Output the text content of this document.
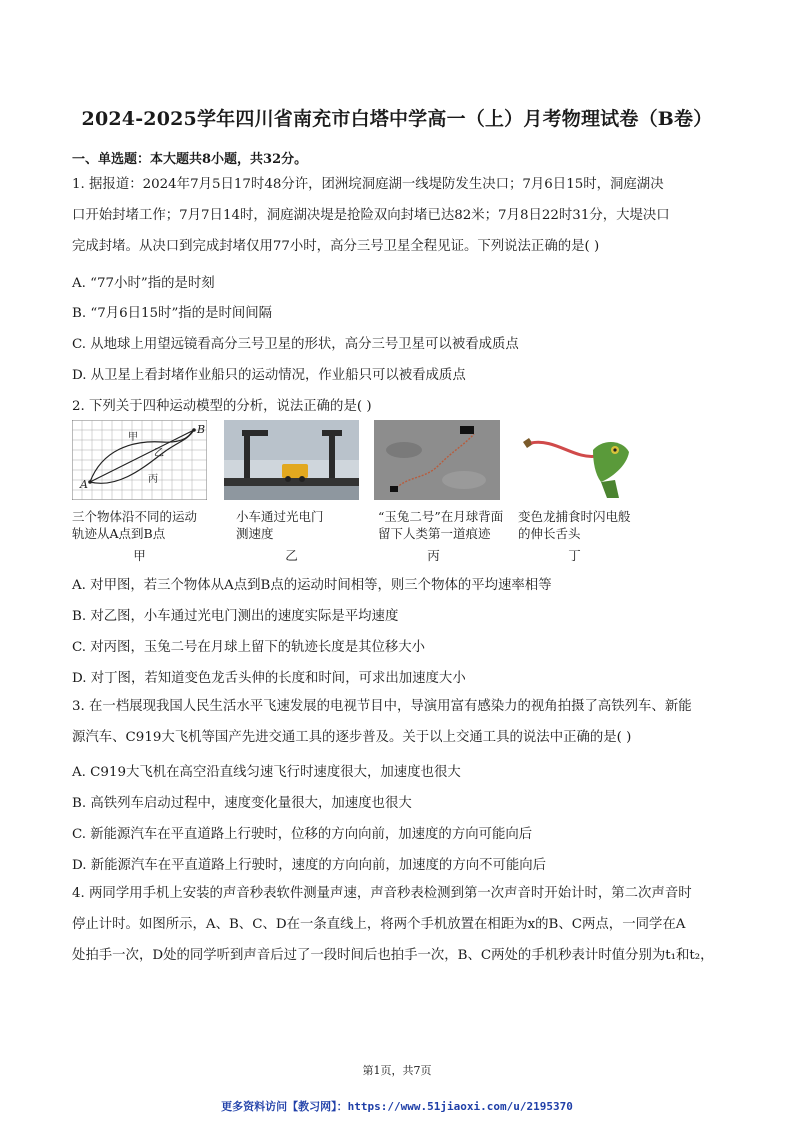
2024-2025学年四川省南充市白塔中学高一（上）月考物理试卷（B卷）
一、单选题：本大题共8小题，共32分。
1. 据报道：2024年7月5日17时48分许，团洲垸洞庭湖一线堤防发生决口；7月6日15时，洞庭湖决
口开始封堵工作；7月7日14时，洞庭湖决堤是抢险双向封堵已达82米；7月8日22时31分，大堤决口
完成封堵。从决口到完成封堵仅用77小时，高分三号卫星全程见证。下列说法正确的是( )
A. “77小时”指的是时刻
B. “7月6日15时”指的是时间间隔
C. 从地球上用望远镜看高分三号卫星的形状，高分三号卫星可以被看成质点
D. 从卫星上看封堵作业船只的运动情况，作业船只可以被看成质点
2. 下列关于四种运动模型的分析，说法正确的是( )
A
B
甲
乙
丙
三个物体沿不同的运动
轨迹从A点到B点
甲
小车通过光电门
测速度
乙
“玉兔二号”在月球背面
留下人类第一道痕迹
丙
变色龙捕食时闪电般
的伸长舌头
丁
A. 对甲图，若三个物体从A点到B点的运动时间相等，则三个物体的平均速率相等
B. 对乙图，小车通过光电门测出的速度实际是平均速度
C. 对丙图，玉兔二号在月球上留下的轨迹长度是其位移大小
D. 对丁图，若知道变色龙舌头伸的长度和时间，可求出加速度大小
3. 在一档展现我国人民生活水平飞速发展的电视节目中，导演用富有感染力的视角拍摄了高铁列车、新能
源汽车、C919大飞机等国产先进交通工具的逐步普及。关于以上交通工具的说法中正确的是( )
A. C919大飞机在高空沿直线匀速飞行时速度很大，加速度也很大
B. 高铁列车启动过程中，速度变化量很大，加速度也很大
C. 新能源汽车在平直道路上行驶时，位移的方向向前，加速度的方向可能向后
D. 新能源汽车在平直道路上行驶时，速度的方向向前，加速度的方向不可能向后
4. 两同学用手机上安装的声音秒表软件测量声速，声音秒表检测到第一次声音时开始计时，第二次声音时
停止计时。如图所示，A、B、C、D在一条直线上，将两个手机放置在相距为x的B、C两点，一同学在A
处拍手一次，D处的同学听到声音后过了一段时间后也拍手一次，B、C两处的手机秒表计时值分别为t₁和t₂，
第1页，共7页
更多资料访问【教习网】：https://www.51jiaoxi.com/u/2195370
